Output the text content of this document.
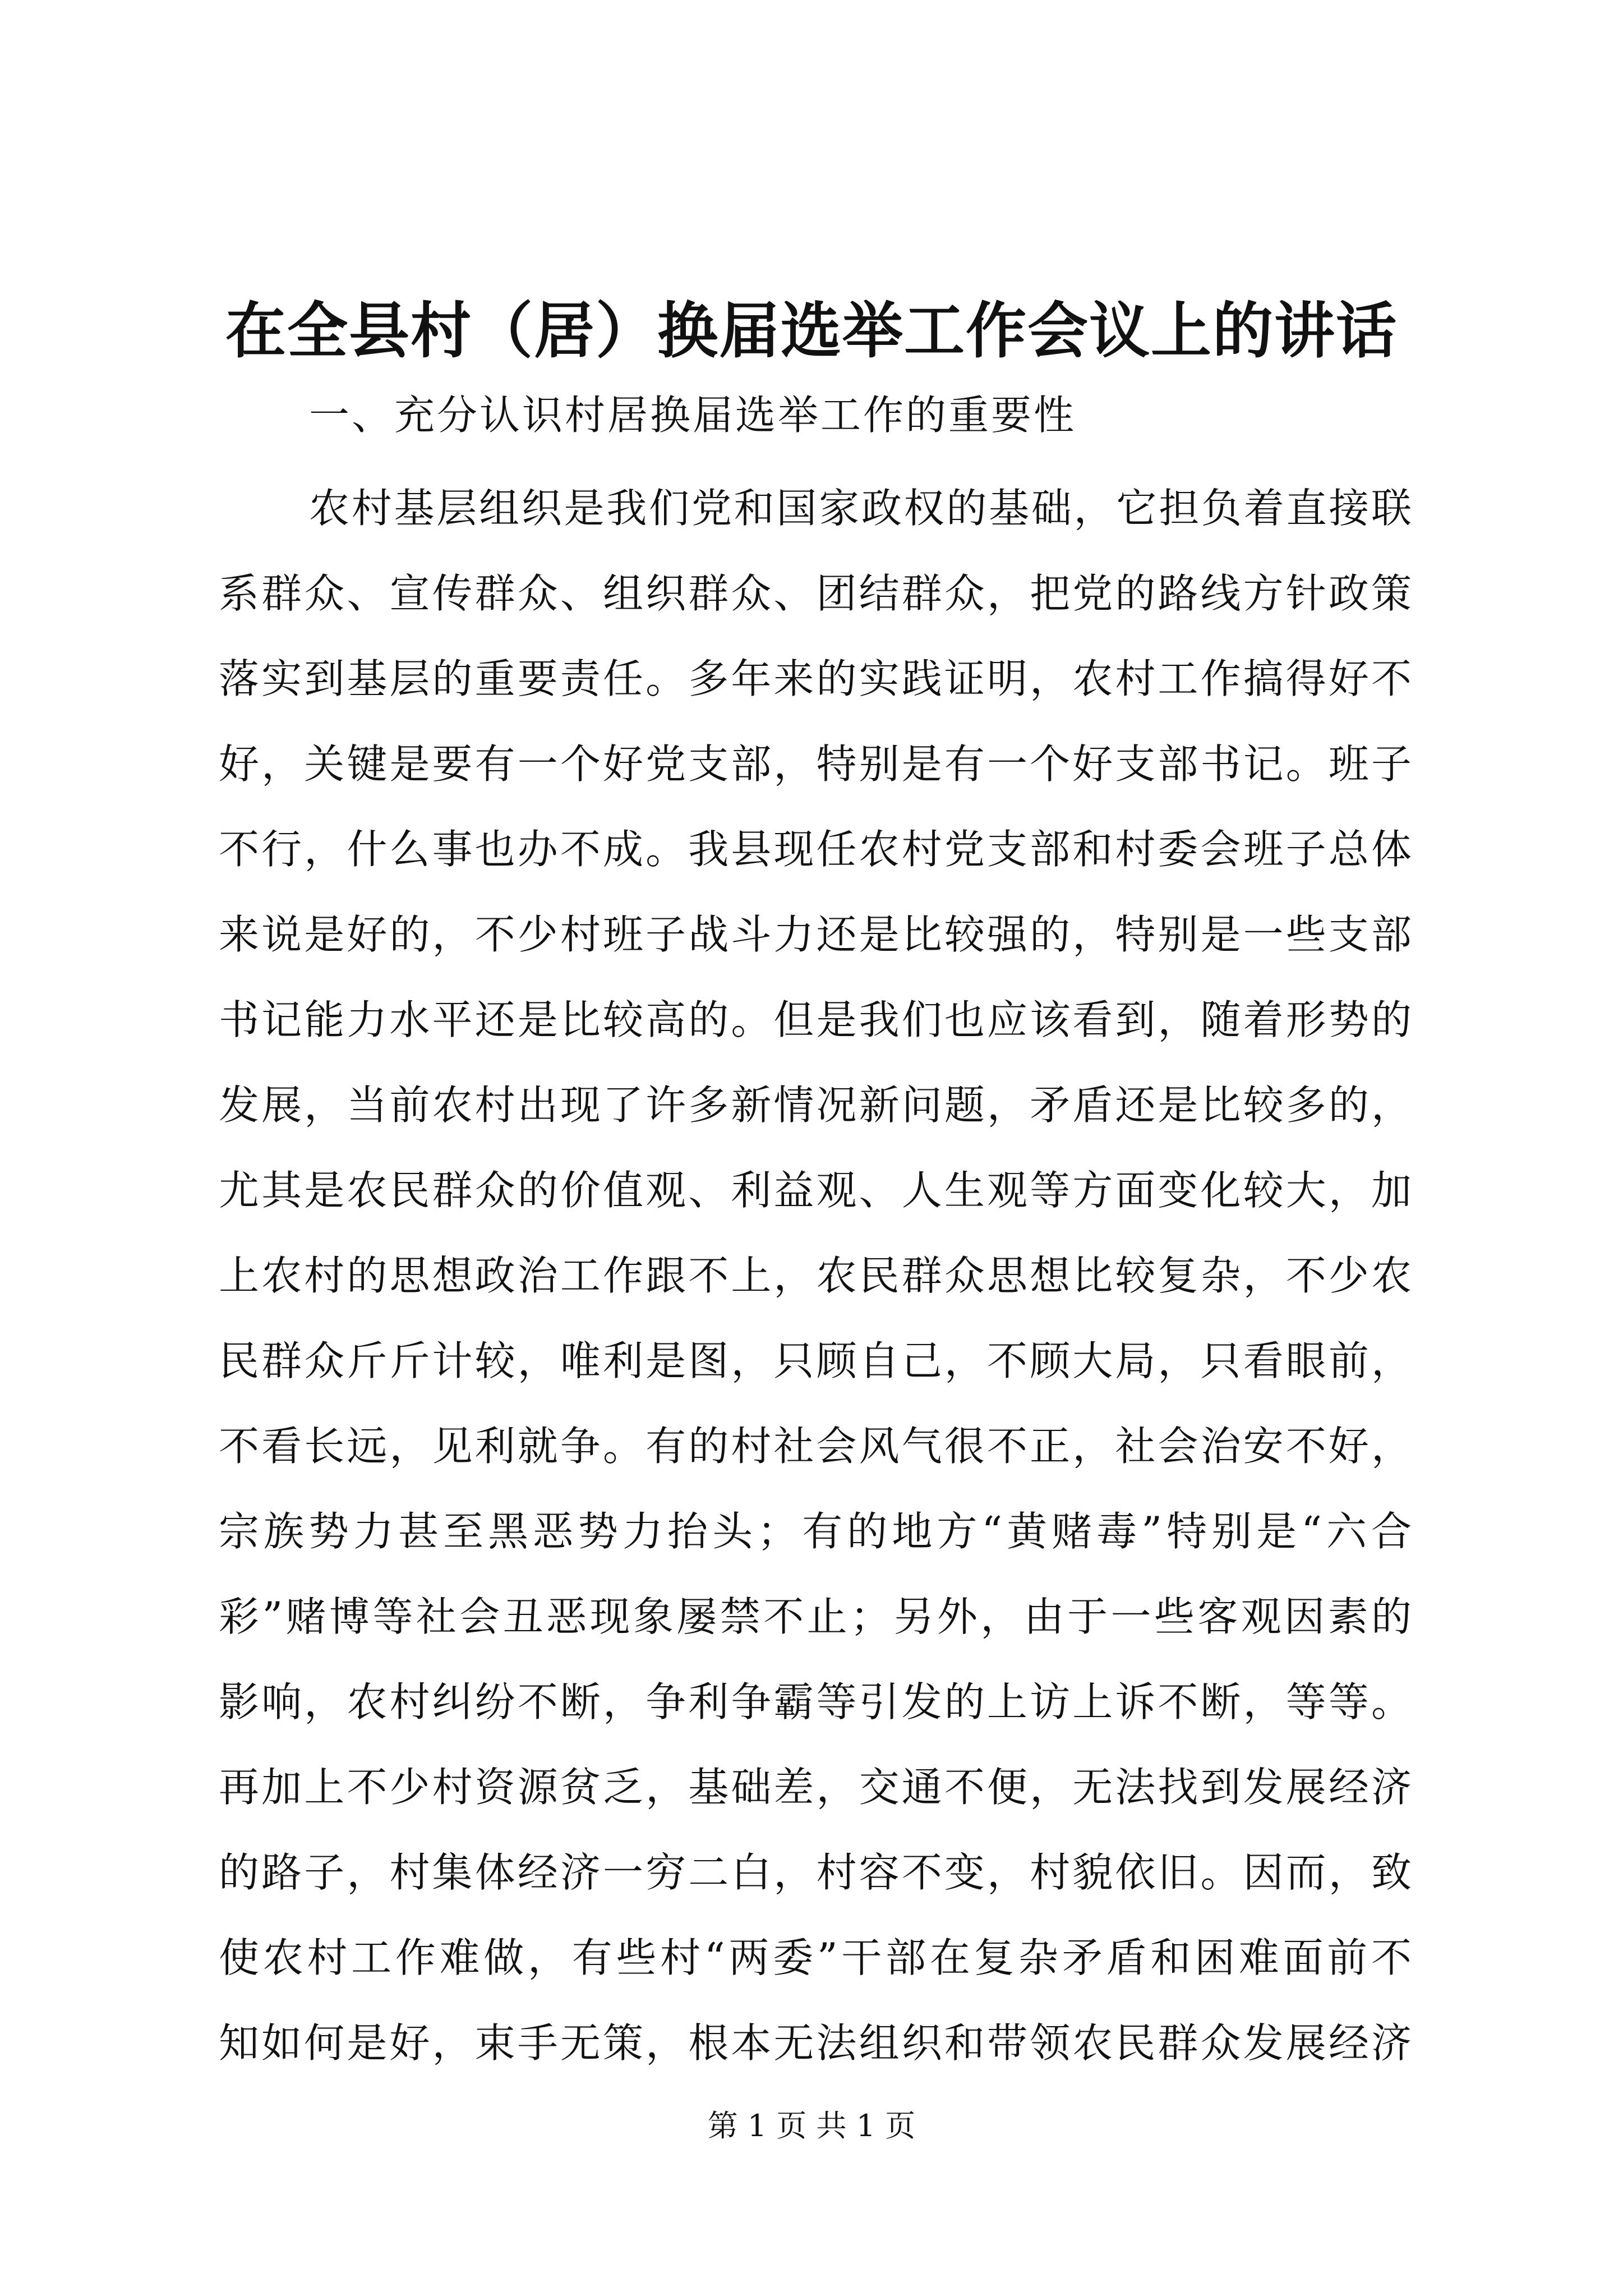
在全县村（居）换届选举工作会议上的讲话
一、充分认识村居换届选举工作的重要性
农村基层组织是我们党和国家政权的基础，它担负着直接联
系群众、宣传群众、组织群众、团结群众，把党的路线方针政策
落实到基层的重要责任。多年来的实践证明，农村工作搞得好不
好，关键是要有一个好党支部，特别是有一个好支部书记。班子
不行，什么事也办不成。我县现任农村党支部和村委会班子总体
来说是好的，不少村班子战斗力还是比较强的，特别是一些支部
书记能力水平还是比较高的。但是我们也应该看到，随着形势的
发展，当前农村出现了许多新情况新问题，矛盾还是比较多的，
尤其是农民群众的价值观、利益观、人生观等方面变化较大，加
上农村的思想政治工作跟不上，农民群众思想比较复杂，不少农
民群众斤斤计较，唯利是图，只顾自己，不顾大局，只看眼前，
不看长远，见利就争。有的村社会风气很不正，社会治安不好，
宗族势力甚至黑恶势力抬头；有的地方“黄赌毒”特别是“六合
彩”赌博等社会丑恶现象屡禁不止；另外，由于一些客观因素的
影响，农村纠纷不断，争利争霸等引发的上访上诉不断，等等。
再加上不少村资源贫乏，基础差，交通不便，无法找到发展经济
的路子，村集体经济一穷二白，村容不变，村貌依旧。因而，致
使农村工作难做，有些村“两委”干部在复杂矛盾和困难面前不
知如何是好，束手无策，根本无法组织和带领农民群众发展经济
第 1 页 共 1 页
